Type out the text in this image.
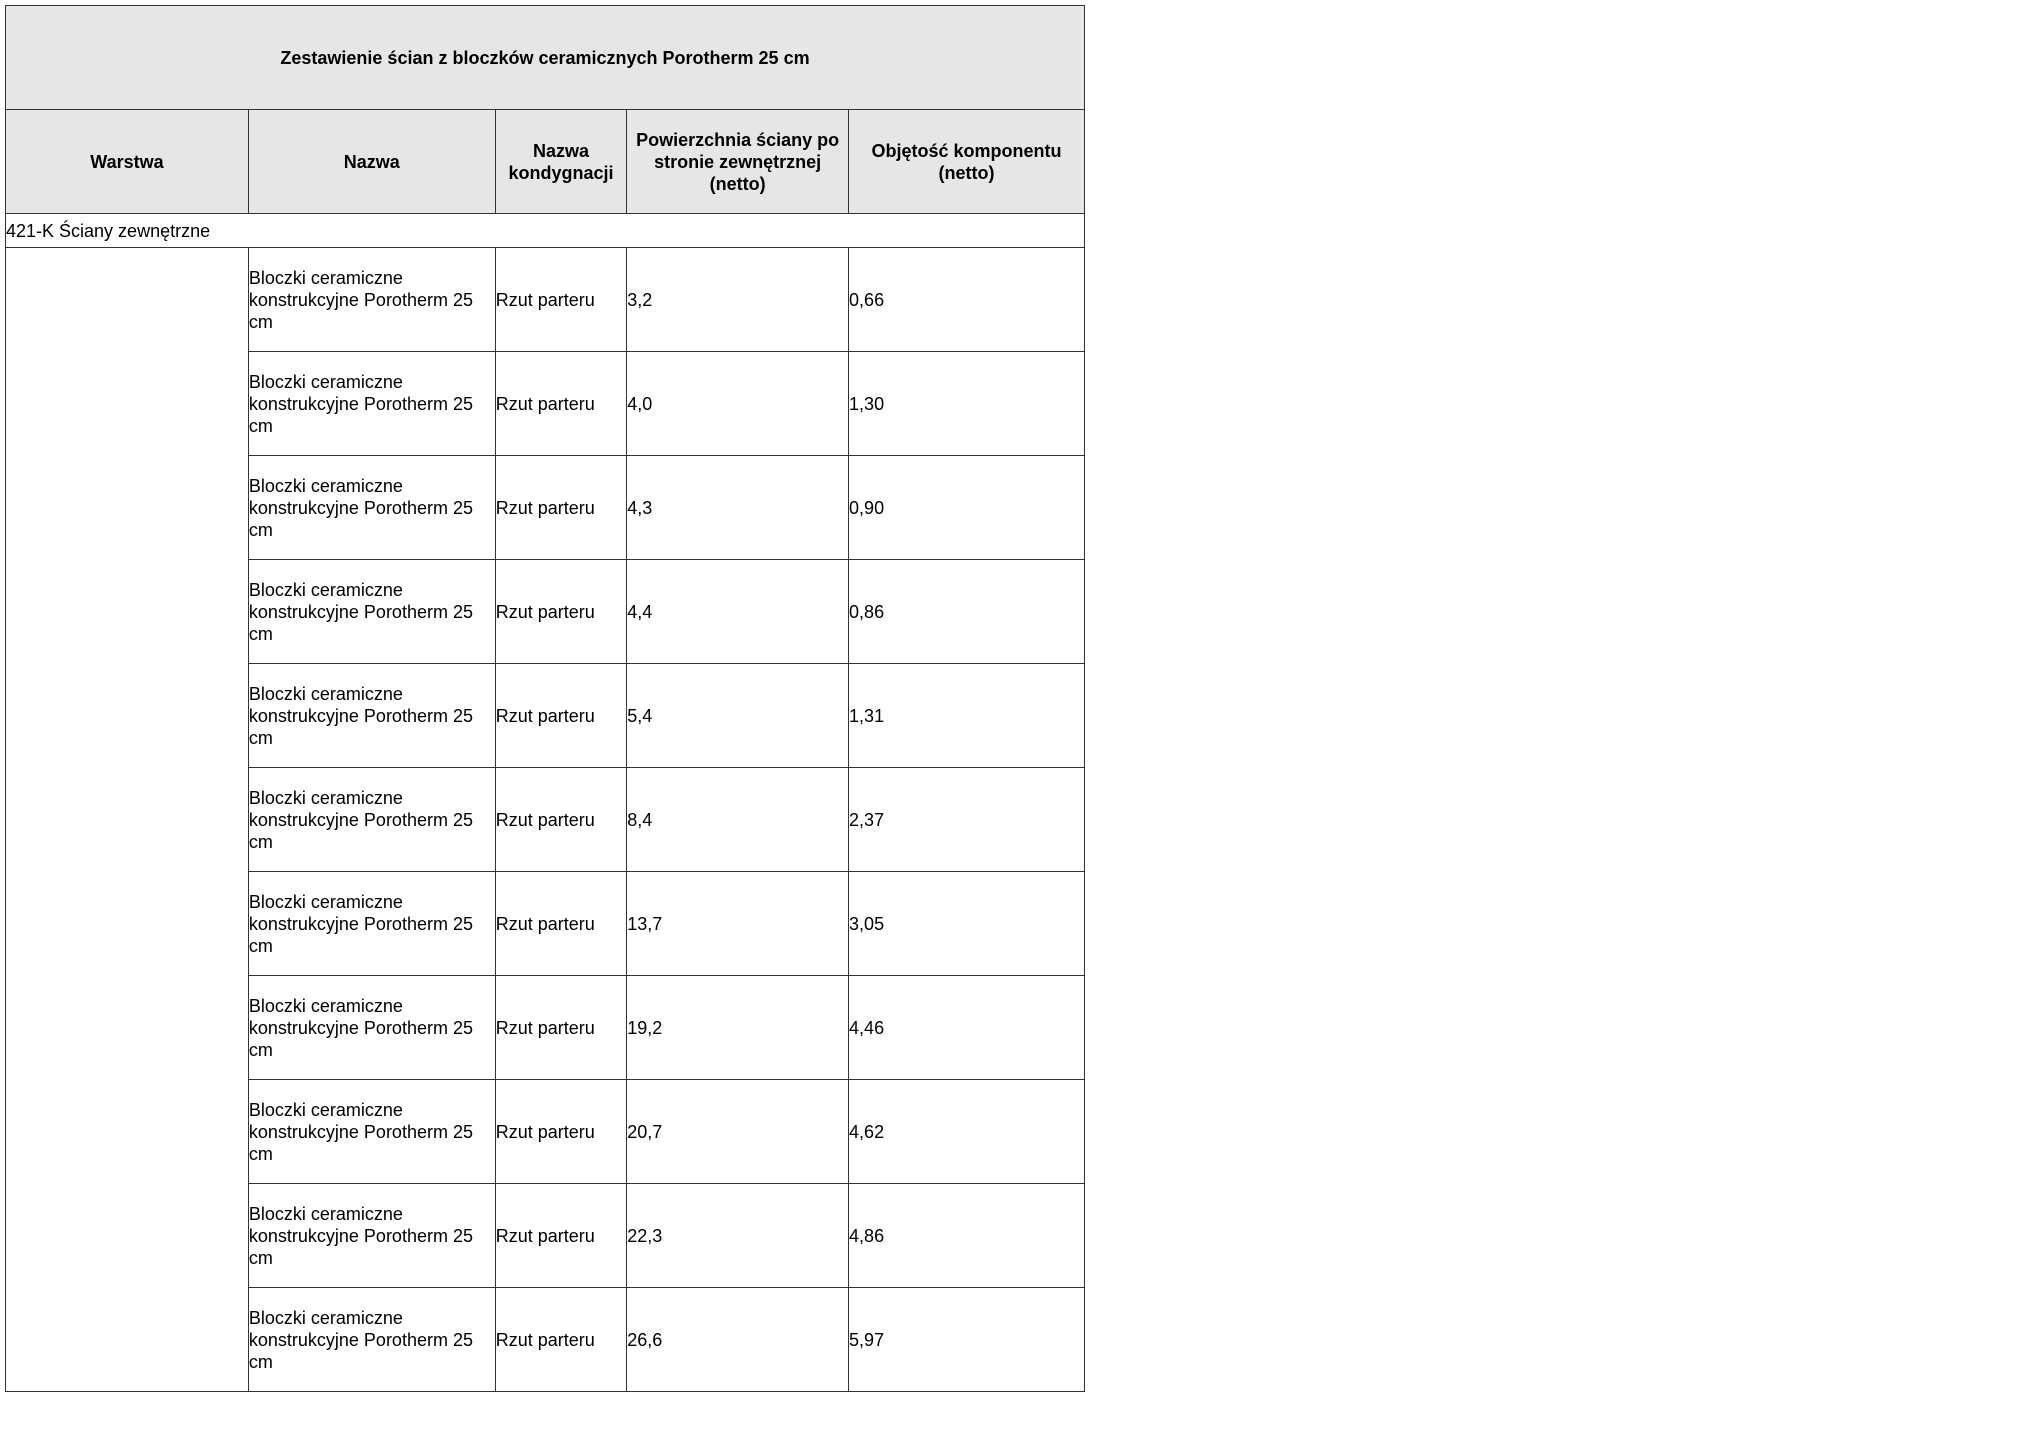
Zestawienie ścian z bloczków ceramicznych Porotherm 25 cm				
Warstwa	Nazwa	Nazwa kondygnacji	Powierzchnia ściany po stronie zewnętrznej (netto)	Objętość komponentu (netto)
421-K Ściany zewnętrzne				
	Bloczki ceramiczne konstrukcyjne Porotherm 25 cm	Rzut parteru	3,2	0,66
	Bloczki ceramiczne konstrukcyjne Porotherm 25 cm	Rzut parteru	4,0	1,30
	Bloczki ceramiczne konstrukcyjne Porotherm 25 cm	Rzut parteru	4,3	0,90
	Bloczki ceramiczne konstrukcyjne Porotherm 25 cm	Rzut parteru	4,4	0,86
	Bloczki ceramiczne konstrukcyjne Porotherm 25 cm	Rzut parteru	5,4	1,31
	Bloczki ceramiczne konstrukcyjne Porotherm 25 cm	Rzut parteru	8,4	2,37
	Bloczki ceramiczne konstrukcyjne Porotherm 25 cm	Rzut parteru	13,7	3,05
	Bloczki ceramiczne konstrukcyjne Porotherm 25 cm	Rzut parteru	19,2	4,46
	Bloczki ceramiczne konstrukcyjne Porotherm 25 cm	Rzut parteru	20,7	4,62
	Bloczki ceramiczne konstrukcyjne Porotherm 25 cm	Rzut parteru	22,3	4,86
	Bloczki ceramiczne konstrukcyjne Porotherm 25 cm	Rzut parteru	26,6	5,97
